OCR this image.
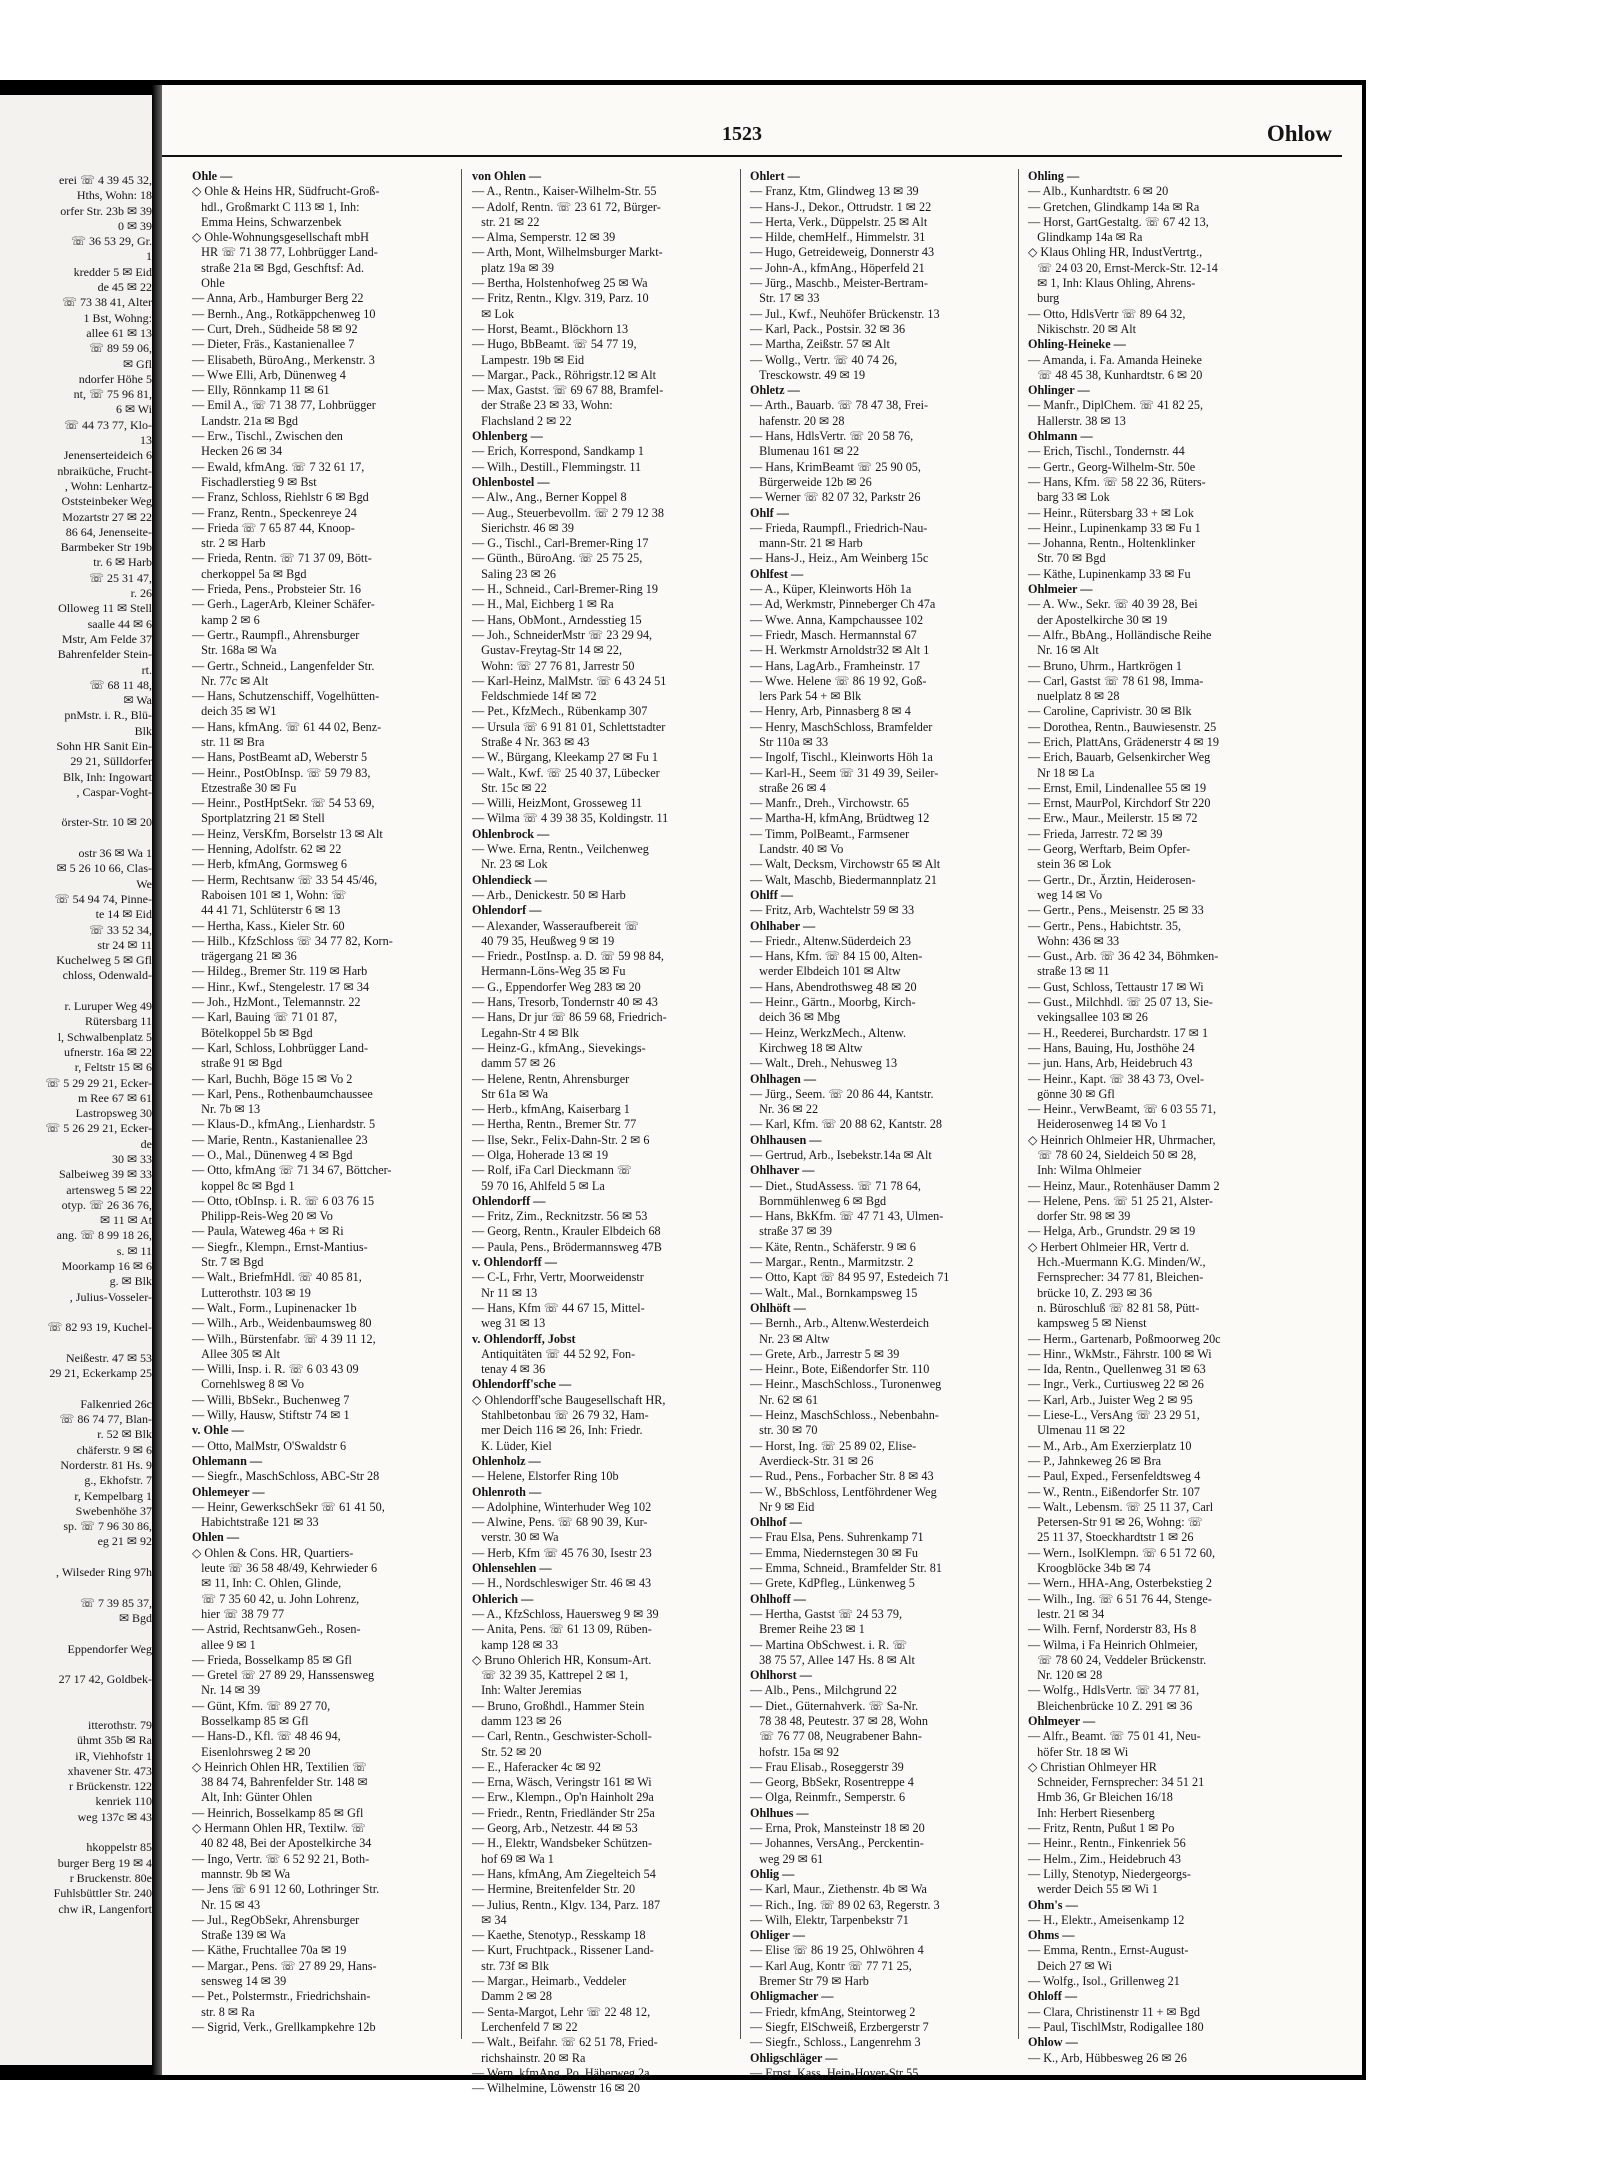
erei ☏ 4 39 45 32,
Hths, Wohn: 18
orfer Str. 23b ✉ 39
0 ✉ 39
☏ 36 53 29, Gr.
1
kredder 5 ✉ Eid
de 45 ✉ 22
☏ 73 38 41, Alter
1 Bst, Wohng:
allee 61 ✉ 13
☏ 89 59 06,
✉ Gfl
ndorfer Höhe 5
nt, ☏ 75 96 81,
6 ✉ Wi
☏ 44 73 77, Klo-
13
Jenenserteideich 6
nbraiküche, Frucht-
, Wohn: Lenhartz-
Oststeinbeker Weg
Mozartstr 27 ✉ 22
86 64, Jenenseite-
Barmbeker Str 19b
tr. 6 ✉ Harb
☏ 25 31 47,
r. 26
Olloweg 11 ✉ Stell
saalle 44 ✉ 6
Mstr, Am Felde 37
Bahrenfelder Stein-
rt.
☏ 68 11 48,
✉ Wa
pnMstr. i. R., Blü-
Blk
Sohn HR Sanit Ein-
29 21, Sülldorfer
Blk, Inh: Ingowart
, Caspar-Voght-

örster-Str. 10 ✉ 20

ostr 36 ✉ Wa 1
✉ 5 26 10 66, Clas-
We
☏ 54 94 74, Pinne-
te 14 ✉ Eid
☏ 33 52 34,
str 24 ✉ 11
Kuchelweg 5 ✉ Gfl
chloss, Odenwald-

r. Luruper Weg 49
Rütersbarg 11
l, Schwalbenplatz 5
ufnerstr. 16a ✉ 22
r, Feltstr 15 ✉ 6
☏ 5 29 29 21, Ecker-
m Ree 67 ✉ 61
Lastropsweg 30
☏ 5 26 29 21, Ecker-
de
30 ✉ 33
Salbeiweg 39 ✉ 33
artensweg 5 ✉ 22
otyp. ☏ 26 36 76,
✉ 11 ✉ At
ang. ☏ 8 99 18 26,
s. ✉ 11
Moorkamp 16 ✉ 6
g. ✉ Blk
, Julius-Vosseler-

☏ 82 93 19, Kuchel-

Neißestr. 47 ✉ 53
29 21, Eckerkamp 25

Falkenried 26c
☏ 86 74 77, Blan-
r. 52 ✉ Blk
chäferstr. 9 ✉ 6
Norderstr. 81 Hs. 9
g., Ekhofstr. 7
r, Kempelbarg 1
Swebenhöhe 37
sp. ☏ 7 96 30 86,
eg 21 ✉ 92

, Wilseder Ring 97h

☏ 7 39 85 37,
✉ Bgd

Eppendorfer Weg

27 17 42, Goldbek-

itterothstr. 79
ühmt 35b ✉ Ra
iR, Viehhofstr 1
xhavener Str. 473
r Brückenstr. 122
kenriek 110
weg 137c ✉ 43

hkoppelstr 85
burger Berg 19 ✉ 4
r Bruckenstr. 80e
Fuhlsbüttler Str. 240
chw iR, Langenfort
1523	Ohlow
Ohle —
◇ Ohle & Heins HR, Südfrucht-Groß-
hdl., Großmarkt C 113 ✉ 1, Inh:
Emma Heins, Schwarzenbek
◇ Ohle-Wohnungsgesellschaft mbH
HR ☏ 71 38 77, Lohbrügger Land-
straße 21a ✉ Bgd, Geschftsf: Ad.
Ohle
— Anna, Arb., Hamburger Berg 22
— Bernh., Ang., Rotkäppchenweg 10
— Curt, Dreh., Südheide 58 ✉ 92
— Dieter, Fräs., Kastanienallee 7
— Elisabeth, BüroAng., Merkenstr. 3
— Wwe Elli, Arb, Dünenweg 4
— Elly, Rönnkamp 11 ✉ 61
— Emil A., ☏ 71 38 77, Lohbrügger
Landstr. 21a ✉ Bgd
— Erw., Tischl., Zwischen den
Hecken 26 ✉ 34
— Ewald, kfmAng. ☏ 7 32 61 17,
Fischadlerstieg 9 ✉ Bst
— Franz, Schloss, Riehlstr 6 ✉ Bgd
— Franz, Rentn., Speckenreye 24
— Frieda ☏ 7 65 87 44, Knoop-
str. 2 ✉ Harb
— Frieda, Rentn. ☏ 71 37 09, Bött-
cherkoppel 5a ✉ Bgd
— Frieda, Pens., Probsteier Str. 16
— Gerh., LagerArb, Kleiner Schäfer-
kamp 2 ✉ 6
— Gertr., Raumpfl., Ahrensburger
Str. 168a ✉ Wa
— Gertr., Schneid., Langenfelder Str.
Nr. 77c ✉ Alt
— Hans, Schutzenschiff, Vogelhütten-
deich 35 ✉ W1
— Hans, kfmAng. ☏ 61 44 02, Benz-
str. 11 ✉ Bra
— Hans, PostBeamt aD, Weberstr 5
— Heinr., PostObInsp. ☏ 59 79 83,
Etzestraße 30 ✉ Fu
— Heinr., PostHptSekr. ☏ 54 53 69,
Sportplatzring 21 ✉ Stell
— Heinz, VersKfm, Borselstr 13 ✉ Alt
— Henning, Adolfstr. 62 ✉ 22
— Herb, kfmAng, Gormsweg 6
— Herm, Rechtsanw ☏ 33 54 45/46,
Raboisen 101 ✉ 1, Wohn: ☏
44 41 71, Schlüterstr 6 ✉ 13
— Hertha, Kass., Kieler Str. 60
— Hilb., KfzSchloss ☏ 34 77 82, Korn-
trägergang 21 ✉ 36
— Hildeg., Bremer Str. 119 ✉ Harb
— Hinr., Kwf., Stengelestr. 17 ✉ 34
— Joh., HzMont., Telemannstr. 22
— Karl, Bauing ☏ 71 01 87,
Bötelkoppel 5b ✉ Bgd
— Karl, Schloss, Lohbrügger Land-
straße 91 ✉ Bgd
— Karl, Buchh, Böge 15 ✉ Vo 2
— Karl, Pens., Rothenbaumchaussee
Nr. 7b ✉ 13
— Klaus-D., kfmAng., Lienhardstr. 5
— Marie, Rentn., Kastanienallee 23
— O., Mal., Dünenweg 4 ✉ Bgd
— Otto, kfmAng ☏ 71 34 67, Böttcher-
koppel 8c ✉ Bgd 1
— Otto, tObInsp. i. R. ☏ 6 03 76 15
Philipp-Reis-Weg 20 ✉ Vo
— Paula, Wateweg 46a + ✉ Ri
— Siegfr., Klempn., Ernst-Mantius-
Str. 7 ✉ Bgd
— Walt., BriefmHdl. ☏ 40 85 81,
Lutterothstr. 103 ✉ 19
— Walt., Form., Lupinenacker 1b
— Wilh., Arb., Weidenbaumsweg 80
— Wilh., Bürstenfabr. ☏ 4 39 11 12,
Allee 305 ✉ Alt
— Willi, Insp. i. R. ☏ 6 03 43 09
Cornehlsweg 8 ✉ Vo
— Willi, BbSekr., Buchenweg 7
— Willy, Hausw, Stiftstr 74 ✉ 1
v. Ohle —
— Otto, MalMstr, O'Swaldstr 6
Ohlemann —
— Siegfr., MaschSchloss, ABC-Str 28
Ohlemeyer —
— Heinr, GewerkschSekr ☏ 61 41 50,
Habichtstraße 121 ✉ 33
Ohlen —
◇ Ohlen & Cons. HR, Quartiers-
leute ☏ 36 58 48/49, Kehrwieder 6
✉ 11, Inh: C. Ohlen, Glinde,
☏ 7 35 60 42, u. John Lohrenz,
hier ☏ 38 79 77
— Astrid, RechtsanwGeh., Rosen-
allee 9 ✉ 1
— Frieda, Bosselkamp 85 ✉ Gfl
— Gretel ☏ 27 89 29, Hanssensweg
Nr. 14 ✉ 39
— Günt, Kfm. ☏ 89 27 70,
Bosselkamp 85 ✉ Gfl
— Hans-D., Kfl. ☏ 48 46 94,
Eisenlohrsweg 2 ✉ 20
◇ Heinrich Ohlen HR, Textilien ☏
38 84 74, Bahrenfelder Str. 148 ✉
Alt, Inh: Günter Ohlen
— Heinrich, Bosselkamp 85 ✉ Gfl
◇ Hermann Ohlen HR, Textilw. ☏
40 82 48, Bei der Apostelkirche 34
— Ingo, Vertr. ☏ 6 52 92 21, Both-
mannstr. 9b ✉ Wa
— Jens ☏ 6 91 12 60, Lothringer Str.
Nr. 15 ✉ 43
— Jul., RegObSekr, Ahrensburger
Straße 139 ✉ Wa
— Käthe, Fruchtallee 70a ✉ 19
— Margar., Pens. ☏ 27 89 29, Hans-
sensweg 14 ✉ 39
— Pet., Polstermstr., Friedrichshain-
str. 8 ✉ Ra
— Sigrid, Verk., Grellkampkehre 12b
von Ohlen —
— A., Rentn., Kaiser-Wilhelm-Str. 55
— Adolf, Rentn. ☏ 23 61 72, Bürger-
str. 21 ✉ 22
— Alma, Semperstr. 12 ✉ 39
— Arth, Mont, Wilhelmsburger Markt-
platz 19a ✉ 39
— Bertha, Holstenhofweg 25 ✉ Wa
— Fritz, Rentn., Klgv. 319, Parz. 10
✉ Lok
— Horst, Beamt., Blöckhorn 13
— Hugo, BbBeamt. ☏ 54 77 19,
Lampestr. 19b ✉ Eid
— Margar., Pack., Röhrigstr.12 ✉ Alt
— Max, Gastst. ☏ 69 67 88, Bramfel-
der Straße 23 ✉ 33, Wohn:
Flachsland 2 ✉ 22
Ohlenberg —
— Erich, Korrespond, Sandkamp 1
— Wilh., Destill., Flemmingstr. 11
Ohlenbostel —
— Alw., Ang., Berner Koppel 8
— Aug., Steuerbevollm. ☏ 2 79 12 38
Sierichstr. 46 ✉ 39
— G., Tischl., Carl-Bremer-Ring 17
— Günth., BüroAng. ☏ 25 75 25,
Saling 23 ✉ 26
— H., Schneid., Carl-Bremer-Ring 19
— H., Mal, Eichberg 1 ✉ Ra
— Hans, ObMont., Arndesstieg 15
— Joh., SchneiderMstr ☏ 23 29 94,
Gustav-Freytag-Str 14 ✉ 22,
Wohn: ☏ 27 76 81, Jarrestr 50
— Karl-Heinz, MalMstr. ☏ 6 43 24 51
Feldschmiede 14f ✉ 72
— Pet., KfzMech., Rübenkamp 307
— Ursula ☏ 6 91 81 01, Schlettstadter
Straße 4 Nr. 363 ✉ 43
— W., Bürgang, Kleekamp 27 ✉ Fu 1
— Walt., Kwf. ☏ 25 40 37, Lübecker
Str. 15c ✉ 22
— Willi, HeizMont, Grosseweg 11
— Wilma ☏ 4 39 38 35, Koldingstr. 11
Ohlenbrock —
— Wwe. Erna, Rentn., Veilchenweg
Nr. 23 ✉ Lok
Ohlendieck —
— Arb., Denickestr. 50 ✉ Harb
Ohlendorf —
— Alexander, Wasseraufbereit ☏
40 79 35, Heußweg 9 ✉ 19
— Friedr., PostInsp. a. D. ☏ 59 98 84,
Hermann-Löns-Weg 35 ✉ Fu
— G., Eppendorfer Weg 283 ✉ 20
— Hans, Tresorb, Tondernstr 40 ✉ 43
— Hans, Dr jur ☏ 86 59 68, Friedrich-
Legahn-Str 4 ✉ Blk
— Heinz-G., kfmAng., Sievekings-
damm 57 ✉ 26
— Helene, Rentn, Ahrensburger
Str 61a ✉ Wa
— Herb., kfmAng, Kaiserbarg 1
— Hertha, Rentn., Bremer Str. 77
— Ilse, Sekr., Felix-Dahn-Str. 2 ✉ 6
— Olga, Hoherade 13 ✉ 19
— Rolf, iFa Carl Dieckmann ☏
59 70 16, Ahlfeld 5 ✉ La
Ohlendorff —
— Fritz, Zim., Recknitzstr. 56 ✉ 53
— Georg, Rentn., Krauler Elbdeich 68
— Paula, Pens., Brödermannsweg 47B
v. Ohlendorff —
— C-L, Frhr, Vertr, Moorweidenstr
Nr 11 ✉ 13
— Hans, Kfm ☏ 44 67 15, Mittel-
weg 31 ✉ 13
v. Ohlendorff, Jobst
Antiquitäten ☏ 44 52 92, Fon-
tenay 4 ✉ 36
Ohlendorff'sche —
◇ Ohlendorff'sche Baugesellschaft HR,
Stahlbetonbau ☏ 26 79 32, Ham-
mer Deich 116 ✉ 26, Inh: Friedr.
K. Lüder, Kiel
Ohlenholz —
— Helene, Elstorfer Ring 10b
Ohlenroth —
— Adolphine, Winterhuder Weg 102
— Alwine, Pens. ☏ 68 90 39, Kur-
verstr. 30 ✉ Wa
— Herb, Kfm ☏ 45 76 30, Isestr 23
Ohlensehlen —
— H., Nordschleswiger Str. 46 ✉ 43
Ohlerich —
— A., KfzSchloss, Hauersweg 9 ✉ 39
— Anita, Pens. ☏ 61 13 09, Rüben-
kamp 128 ✉ 33
◇ Bruno Ohlerich HR, Konsum-Art.
☏ 32 39 35, Kattrepel 2 ✉ 1,
Inh: Walter Jeremias
— Bruno, Großhdl., Hammer Stein
damm 123 ✉ 26
— Carl, Rentn., Geschwister-Scholl-
Str. 52 ✉ 20
— E., Haferacker 4c ✉ 92
— Erna, Wäsch, Veringstr 161 ✉ Wi
— Erw., Klempn., Op'n Hainholt 29a
— Friedr., Rentn, Friedländer Str 25a
— Georg, Arb., Netzestr. 44 ✉ 53
— H., Elektr, Wandsbeker Schützen-
hof 69 ✉ Wa 1
— Hans, kfmAng, Am Ziegelteich 54
— Hermine, Breitenfelder Str. 20
— Julius, Rentn., Klgv. 134, Parz. 187
✉ 34
— Kaethe, Stenotyp., Resskamp 18
— Kurt, Fruchtpack., Rissener Land-
str. 73f ✉ Blk
— Margar., Heimarb., Veddeler
Damm 2 ✉ 28
— Senta-Margot, Lehr ☏ 22 48 12,
Lerchenfeld 7 ✉ 22
— Walt., Beifahr. ☏ 62 51 78, Fried-
richshainstr. 20 ✉ Ra
— Wern. kfmAng, Po, Häherweg 2a
— Wilhelmine, Löwenstr 16 ✉ 20
Ohlert —
— Franz, Ktm, Glindweg 13 ✉ 39
— Hans-J., Dekor., Ottrudstr. 1 ✉ 22
— Herta, Verk., Düppelstr. 25 ✉ Alt
— Hilde, chemHelf., Himmelstr. 31
— Hugo, Getreideweig, Donnerstr 43
— John-A., kfmAng., Höperfeld 21
— Jürg., Maschb., Meister-Bertram-
Str. 17 ✉ 33
— Jul., Kwf., Neuhöfer Brückenstr. 13
— Karl, Pack., Postsir. 32 ✉ 36
— Martha, Zeißstr. 57 ✉ Alt
— Wollg., Vertr. ☏ 40 74 26,
Tresckowstr. 49 ✉ 19
Ohletz —
— Arth., Bauarb. ☏ 78 47 38, Frei-
hafenstr. 20 ✉ 28
— Hans, HdlsVertr. ☏ 20 58 76,
Blumenau 161 ✉ 22
— Hans, KrimBeamt ☏ 25 90 05,
Bürgerweide 12b ✉ 26
— Werner ☏ 82 07 32, Parkstr 26
Ohlf —
— Frieda, Raumpfl., Friedrich-Nau-
mann-Str. 21 ✉ Harb
— Hans-J., Heiz., Am Weinberg 15c
Ohlfest —
— A., Küper, Kleinworts Höh 1a
— Ad, Werkmstr, Pinneberger Ch 47a
— Wwe. Anna, Kampchaussee 102
— Friedr, Masch. Hermannstal 67
— H. Werkmstr Arnoldstr32 ✉ Alt 1
— Hans, LagArb., Framheinstr. 17
— Wwe. Helene ☏ 86 19 92, Goß-
lers Park 54 + ✉ Blk
— Henry, Arb, Pinnasberg 8 ✉ 4
— Henry, MaschSchloss, Bramfelder
Str 110a ✉ 33
— Ingolf, Tischl., Kleinworts Höh 1a
— Karl-H., Seem ☏ 31 49 39, Seiler-
straße 26 ✉ 4
— Manfr., Dreh., Virchowstr. 65
— Martha-H, kfmAng, Brüdtweg 12
— Timm, PolBeamt., Farmsener
Landstr. 40 ✉ Vo
— Walt, Decksm, Virchowstr 65 ✉ Alt
— Walt, Maschb, Biedermannplatz 21
Ohlff —
— Fritz, Arb, Wachtelstr 59 ✉ 33
Ohlhaber —
— Friedr., Altenw.Süderdeich 23
— Hans, Kfm. ☏ 84 15 00, Alten-
werder Elbdeich 101 ✉ Altw
— Hans, Abendrothsweg 48 ✉ 20
— Heinr., Gärtn., Moorbg, Kirch-
deich 36 ✉ Mbg
— Heinz, WerkzMech., Altenw.
Kirchweg 18 ✉ Altw
— Walt., Dreh., Nehusweg 13
Ohlhagen —
— Jürg., Seem. ☏ 20 86 44, Kantstr.
Nr. 36 ✉ 22
— Karl, Kfm. ☏ 20 88 62, Kantstr. 28
Ohlhausen —
— Gertrud, Arb., Isebekstr.14a ✉ Alt
Ohlhaver —
— Diet., StudAssess. ☏ 71 78 64,
Bornmühlenweg 6 ✉ Bgd
— Hans, BkKfm. ☏ 47 71 43, Ulmen-
straße 37 ✉ 39
— Käte, Rentn., Schäferstr. 9 ✉ 6
— Margar., Rentn., Marmitzstr. 2
— Otto, Kapt ☏ 84 95 97, Estedeich 71
— Walt., Mal., Bornkampsweg 15
Ohlhöft —
— Bernh., Arb., Altenw.Westerdeich
Nr. 23 ✉ Altw
— Grete, Arb., Jarrestr 5 ✉ 39
— Heinr., Bote, Eißendorfer Str. 110
— Heinr., MaschSchloss., Turonenweg
Nr. 62 ✉ 61
— Heinz, MaschSchloss., Nebenbahn-
str. 30 ✉ 70
— Horst, Ing. ☏ 25 89 02, Elise-
Averdieck-Str. 31 ✉ 26
— Rud., Pens., Forbacher Str. 8 ✉ 43
— W., BbSchloss, Lentföhrdener Weg
Nr 9 ✉ Eid
Ohlhof —
— Frau Elsa, Pens. Suhrenkamp 71
— Emma, Niedernstegen 30 ✉ Fu
— Emma, Schneid., Bramfelder Str. 81
— Grete, KdPfleg., Lünkenweg 5
Ohlhoff —
— Hertha, Gastst ☏ 24 53 79,
Bremer Reihe 23 ✉ 1
— Martina ObSchwest. i. R. ☏
38 75 57, Allee 147 Hs. 8 ✉ Alt
Ohlhorst —
— Alb., Pens., Milchgrund 22
— Diet., Güternahverk. ☏ Sa-Nr.
78 38 48, Peutestr. 37 ✉ 28, Wohn
☏ 76 77 08, Neugrabener Bahn-
hofstr. 15a ✉ 92
— Frau Elisab., Roseggerstr 39
— Georg, BbSekr, Rosentreppe 4
— Olga, Reinmfr., Semperstr. 6
Ohlhues —
— Erna, Prok, Mansteinstr 18 ✉ 20
— Johannes, VersAng., Perckentin-
weg 29 ✉ 61
Ohlig —
— Karl, Maur., Ziethenstr. 4b ✉ Wa
— Rich., Ing. ☏ 89 02 63, Regerstr. 3
— Wilh, Elektr, Tarpenbekstr 71
Ohliger —
— Elise ☏ 86 19 25, Ohlwöhren 4
— Karl Aug, Kontr ☏ 77 71 25,
Bremer Str 79 ✉ Harb
Ohligmacher —
— Friedr, kfmAng, Steintorweg 2
— Siegfr, ElSchweiß, Erzbergerstr 7
— Siegfr., Schloss., Langenrehm 3
Ohligschläger —
— Ernst, Kass, Hein-Hoyer-Str 55
Ohling —
— Alb., Kunhardtstr. 6 ✉ 20
— Gretchen, Glindkamp 14a ✉ Ra
— Horst, GartGestaltg. ☏ 67 42 13,
Glindkamp 14a ✉ Ra
◇ Klaus Ohling HR, IndustVertrtg.,
☏ 24 03 20, Ernst-Merck-Str. 12-14
✉ 1, Inh: Klaus Ohling, Ahrens-
burg
— Otto, HdlsVertr ☏ 89 64 32,
Nikischstr. 20 ✉ Alt
Ohling-Heineke —
— Amanda, i. Fa. Amanda Heineke
☏ 48 45 38, Kunhardtstr. 6 ✉ 20
Ohlinger —
— Manfr., DiplChem. ☏ 41 82 25,
Hallerstr. 38 ✉ 13
Ohlmann —
— Erich, Tischl., Tondernstr. 44
— Gertr., Georg-Wilhelm-Str. 50e
— Hans, Kfm. ☏ 58 22 36, Rüters-
barg 33 ✉ Lok
— Heinr., Rütersbarg 33 + ✉ Lok
— Heinr., Lupinenkamp 33 ✉ Fu 1
— Johanna, Rentn., Holtenklinker
Str. 70 ✉ Bgd
— Käthe, Lupinenkamp 33 ✉ Fu
Ohlmeier —
— A. Ww., Sekr. ☏ 40 39 28, Bei
der Apostelkirche 30 ✉ 19
— Alfr., BbAng., Holländische Reihe
Nr. 16 ✉ Alt
— Bruno, Uhrm., Hartkrögen 1
— Carl, Gastst ☏ 78 61 98, Imma-
nuelplatz 8 ✉ 28
— Caroline, Caprivistr. 30 ✉ Blk
— Dorothea, Rentn., Bauwiesenstr. 25
— Erich, PlattAns, Grädenerstr 4 ✉ 19
— Erich, Bauarb, Gelsenkircher Weg
Nr 18 ✉ La
— Ernst, Emil, Lindenallee 55 ✉ 19
— Ernst, MaurPol, Kirchdorf Str 220
— Erw., Maur., Meilerstr. 15 ✉ 72
— Frieda, Jarrestr. 72 ✉ 39
— Georg, Werftarb, Beim Opfer-
stein 36 ✉ Lok
— Gertr., Dr., Ärztin, Heiderosen-
weg 14 ✉ Vo
— Gertr., Pens., Meisenstr. 25 ✉ 33
— Gertr., Pens., Habichtstr. 35,
Wohn: 436 ✉ 33
— Gust., Arb. ☏ 36 42 34, Böhmken-
straße 13 ✉ 11
— Gust, Schloss, Tettaustr 17 ✉ Wi
— Gust., Milchhdl. ☏ 25 07 13, Sie-
vekingsallee 103 ✉ 26
— H., Reederei, Burchardstr. 17 ✉ 1
— Hans, Bauing, Hu, Josthöhe 24
— jun. Hans, Arb, Heidebruch 43
— Heinr., Kapt. ☏ 38 43 73, Ovel-
gönne 30 ✉ Gfl
— Heinr., VerwBeamt, ☏ 6 03 55 71,
Heiderosenweg 14 ✉ Vo 1
◇ Heinrich Ohlmeier HR, Uhrmacher,
☏ 78 60 24, Sieldeich 50 ✉ 28,
Inh: Wilma Ohlmeier
— Heinz, Maur., Rotenhäuser Damm 2
— Helene, Pens. ☏ 51 25 21, Alster-
dorfer Str. 98 ✉ 39
— Helga, Arb., Grundstr. 29 ✉ 19
◇ Herbert Ohlmeier HR, Vertr d.
Hch.-Muermann K.G. Minden/W.,
Fernsprecher: 34 77 81, Bleichen-
brücke 10, Z. 293 ✉ 36
n. Büroschluß ☏ 82 81 58, Pütt-
kampsweg 5 ✉ Nienst
— Herm., Gartenarb, Poßmoorweg 20c
— Hinr., WkMstr., Fährstr. 100 ✉ Wi
— Ida, Rentn., Quellenweg 31 ✉ 63
— Ingr., Verk., Curtiusweg 22 ✉ 26
— Karl, Arb., Juister Weg 2 ✉ 95
— Liese-L., VersAng ☏ 23 29 51,
Ulmenau 11 ✉ 22
— M., Arb., Am Exerzierplatz 10
— P., Jahnkeweg 26 ✉ Bra
— Paul, Exped., Fersenfeldtsweg 4
— W., Rentn., Eißendorfer Str. 107
— Walt., Lebensm. ☏ 25 11 37, Carl
Petersen-Str 91 ✉ 26, Wohng: ☏
25 11 37, Stoeckhardtstr 1 ✉ 26
— Wern., IsolKlempn. ☏ 6 51 72 60,
Kroogblöcke 34b ✉ 74
— Wern., HHA-Ang, Osterbekstieg 2
— Wilh., Ing. ☏ 6 51 76 44, Stenge-
lestr. 21 ✉ 34
— Wilh. Fernf, Norderstr 83, Hs 8
— Wilma, i Fa Heinrich Ohlmeier,
☏ 78 60 24, Veddeler Brückenstr.
Nr. 120 ✉ 28
— Wolfg., HdlsVertr. ☏ 34 77 81,
Bleichenbrücke 10 Z. 291 ✉ 36
Ohlmeyer —
— Alfr., Beamt. ☏ 75 01 41, Neu-
höfer Str. 18 ✉ Wi
◇ Christian Ohlmeyer HR
Schneider, Fernsprecher: 34 51 21
Hmb 36, Gr Bleichen 16/18
Inh: Herbert Riesenberg
— Fritz, Rentn, Pußut 1 ✉ Po
— Heinr., Rentn., Finkenriek 56
— Helm., Zim., Heidebruch 43
— Lilly, Stenotyp, Niedergeorgs-
werder Deich 55 ✉ Wi 1
Ohm's —
— H., Elektr., Ameisenkamp 12
Ohms —
— Emma, Rentn., Ernst-August-
Deich 27 ✉ Wi
— Wolfg., Isol., Grillenweg 21
Ohloff —
— Clara, Christinenstr 11 + ✉ Bgd
— Paul, TischlMstr, Rodigallee 180
Ohlow —
— K., Arb, Hübbesweg 26 ✉ 26
